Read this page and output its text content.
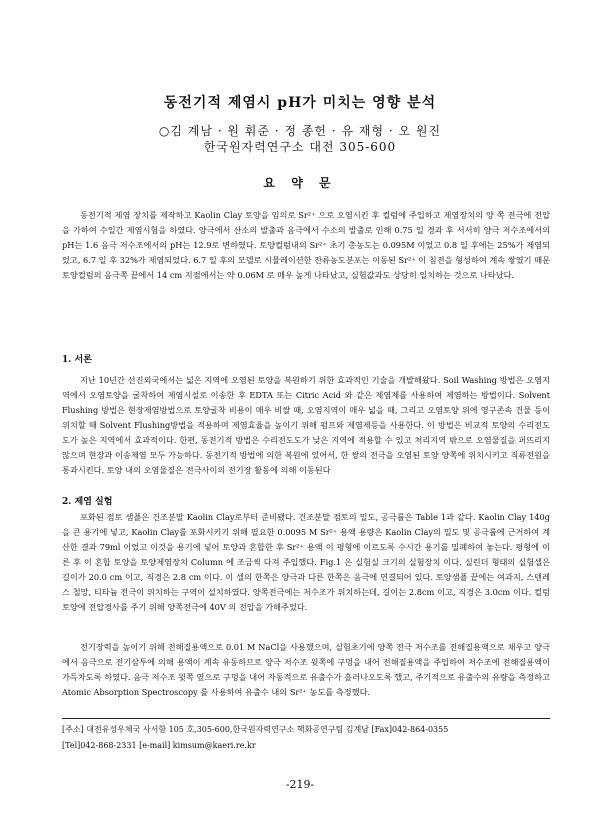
동전기적 제염시 pH가 미치는 영향 분석
○김 계남 · 원 휘준 · 정 종헌 · 유 재형 · 오 원진
한국원자력연구소 대전 305-600
요 약 문
동전기적 제염 장치를 제작하고 Kaolin Clay 토양을 임의로 Sr²⁺ 으로 오염시킨 후 컬럼에 주입하고 제염장치의 양 쪽 전극에 전압을 가하여 수일간 제염시험을 하였다. 양극에서 산소의 발출과 음극에서 수소의 발출로 인해 0.75 일 경과 후 서서히 양극 저수조에서의 pH는 1.6 음극 저수조에서의 pH는 12.9로 변하였다. 토양컬럼내의 Sr²⁺ 초기 총농도는 0.095M 이었고 0.8 일 후에는 25%가 제염되었고, 6.7 일 후 32%가 제염되었다. 6.7 일 후의 모델로 시뮬레이션한 잔류농도분포는 이동된 Sr²⁺ 이 침전을 형성하여 계속 쌓였기 때문 토양컬럼의 음극쪽 끝에서 14 cm 지점에서는 약 0.06M 로 매우 높게 나타났고, 실험값과도 상당히 일치하는 것으로 나타났다.
1. 서론
지난 10년간 선진외국에서는 넓은 지역에 오염된 토양을 복원하기 위한 효과적인 기술을 개발해왔다. Soil Washing 방법은 오염지역에서 오염토양을 굴착하여 제염시설로 이송한 후 EDTA 또는 Citric Acid 와 같은 제염제를 사용하여 제염하는 방법이다. Solvent Flushing 방법은 현장제염방법으로 토양굴착 비용이 매우 비쌀 때, 오염지역이 매우 넓을 때, 그리고 오염토양 위에 영구존속 건물 등이 위치할 때 Solvent Flushing방법을 적용하며 제염효율을 높이기 위해 펌프와 제염제등을 사용한다. 이 방법은 비교적 토양의 수리전도도가 높은 지역에서 효과적이다. 한편, 동전기적 방법은 수리전도도가 낮은 지역에 적용할 수 있고 처리지역 밖으로 오염물질을 퍼뜨리지 않으며 현장과 이송제염 모두 가능하다. 동전기적 방법에 의한 복원에 있어서, 한 쌍의 전극을 오염된 토양 양쪽에 위치시키고 직류전원을 통과시킨다. 토양 내의 오염물질은 전극사이의 전기장 활동에 의해 이동된다
2. 제염 실험
포화된 점토 샘플은 건조분말 Kaolin Clay로부터 준비됐다. 건조분말 점토의 밀도, 공극률은 Table 1과 같다. Kaolin Clay 140g 을 큰 용기에 넣고, Kaolin Clay를 포화시키기 위해 필요한 0.0095 M Sr²⁺ 용액 용량은 Kaolin Clay의 밀도 및 공극률에 근거하여 계산한 결과 79ml 이었고 이것을 용기에 넣어 토양과 혼합한 후 Sr²⁺ 용액 이 평형에 이르도록 수시간 용기를 밀폐하여 놓는다. 평형에 이른 후 이 혼합 토양을 토양제염장치 Column 에 조금씩 다져 주입했다. Fig.1 은 실험실 크기의 실험장치 이다. 실린더 형태의 실험셀은 길이가 20.0 cm 이고, 직경은 2.8 cm 이다. 이 셀의 한쪽은 양극과 다른 한쪽은 음극에 연결되어 있다. 토양샘플 끝에는 여과지, 스텐레스 철망, 티타늄 전극이 위치하는 구역이 설치하였다. 양쪽전극에는 저수조가 위치하는데, 길이는 2.8cm 이고, 직경은 3.0cm 이다. 컬럼토양에 전압경사를 주기 위해 양쪽전극에 40V 의 전압을 가해주었다.
전기장력을 높이기 위해 전해질용액으로 0.01 M NaCl을 사용했으며, 실험초기에 양쪽 전극 저수조를 전해질용액으로 채우고 양극에서 음극으로 전기삼투에 의해 용액이 계속 유동하므로 양극 저수조 윗쪽에 구멍을 내어 전해질용액을 주입하여 저수조에 전해질용액이 가득차도록 하였다. 음극 저수조 윗쪽 옆으로 구멍을 내어 자동적으로 유출수가 흘러나오도록 했고, 주기적으로 유출수의 유량을 측정하고 Atomic Absorption Spectroscopy 를 사용하여 유출수 내의 Sr²⁺ 농도를 측정했다.
[주소] 대전유성우체국 사서함 105 호,305-600,한국원자력연구소 핵화공연구팀 김계남 [Fax]042-864-0355
[Tel]042-868-2331 [e-mail] kimsum@kaeri.re.kr
-219-
